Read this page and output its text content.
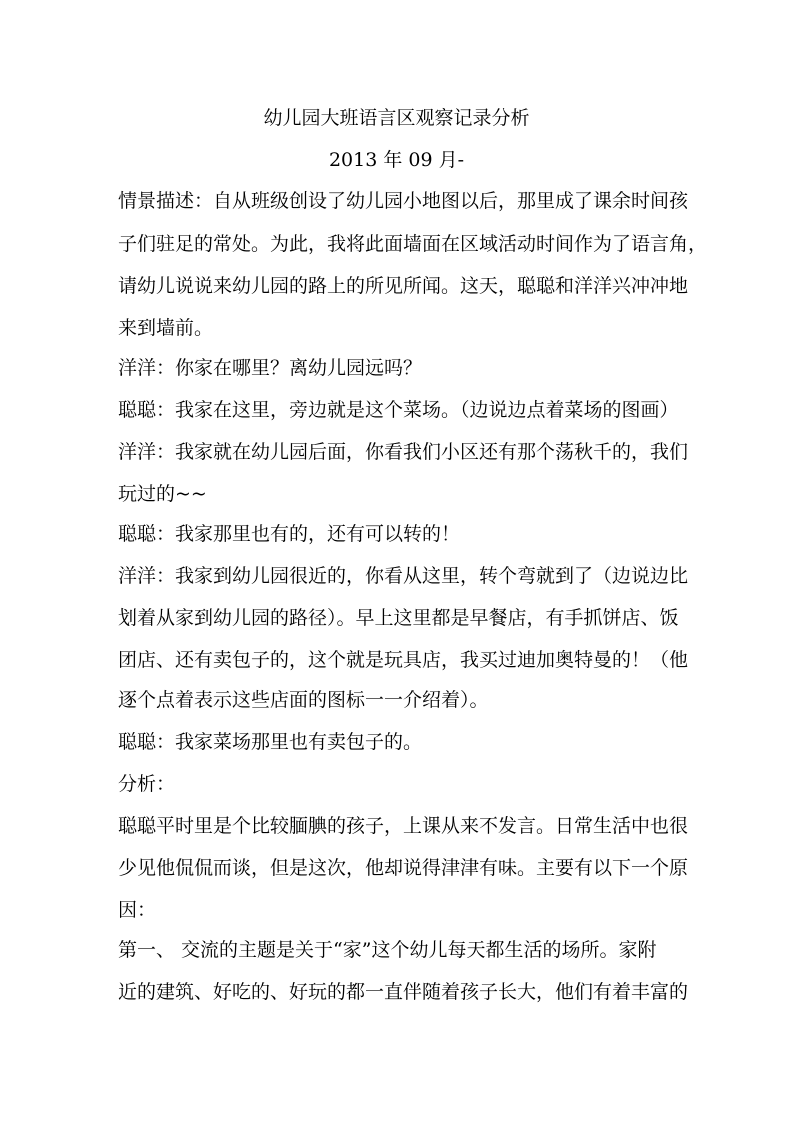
幼儿园大班语言区观察记录分析
2013 年 09 月-
情景描述：自从班级创设了幼儿园小地图以后，那里成了课余时间孩
子们驻足的常处。为此，我将此面墙面在区域活动时间作为了语言角，
请幼儿说说来幼儿园的路上的所见所闻。这天，聪聪和洋洋兴冲冲地
来到墙前。
洋洋：你家在哪里？离幼儿园远吗？
聪聪：我家在这里，旁边就是这个菜场。（边说边点着菜场的图画）
洋洋：我家就在幼儿园后面，你看我们小区还有那个荡秋千的，我们
玩过的~~
聪聪：我家那里也有的，还有可以转的！
洋洋：我家到幼儿园很近的，你看从这里，转个弯就到了（边说边比
划着从家到幼儿园的路径）。早上这里都是早餐店，有手抓饼店、饭
团店、还有卖包子的，这个就是玩具店，我买过迪加奥特曼的！（他
逐个点着表示这些店面的图标一一介绍着）。
聪聪：我家菜场那里也有卖包子的。
分析：
聪聪平时里是个比较腼腆的孩子，上课从来不发言。日常生活中也很
少见他侃侃而谈，但是这次，他却说得津津有味。主要有以下一个原
因：
第一、 交流的主题是关于“家”这个幼儿每天都生活的场所。家附
近的建筑、好吃的、好玩的都一直伴随着孩子长大，他们有着丰富的
